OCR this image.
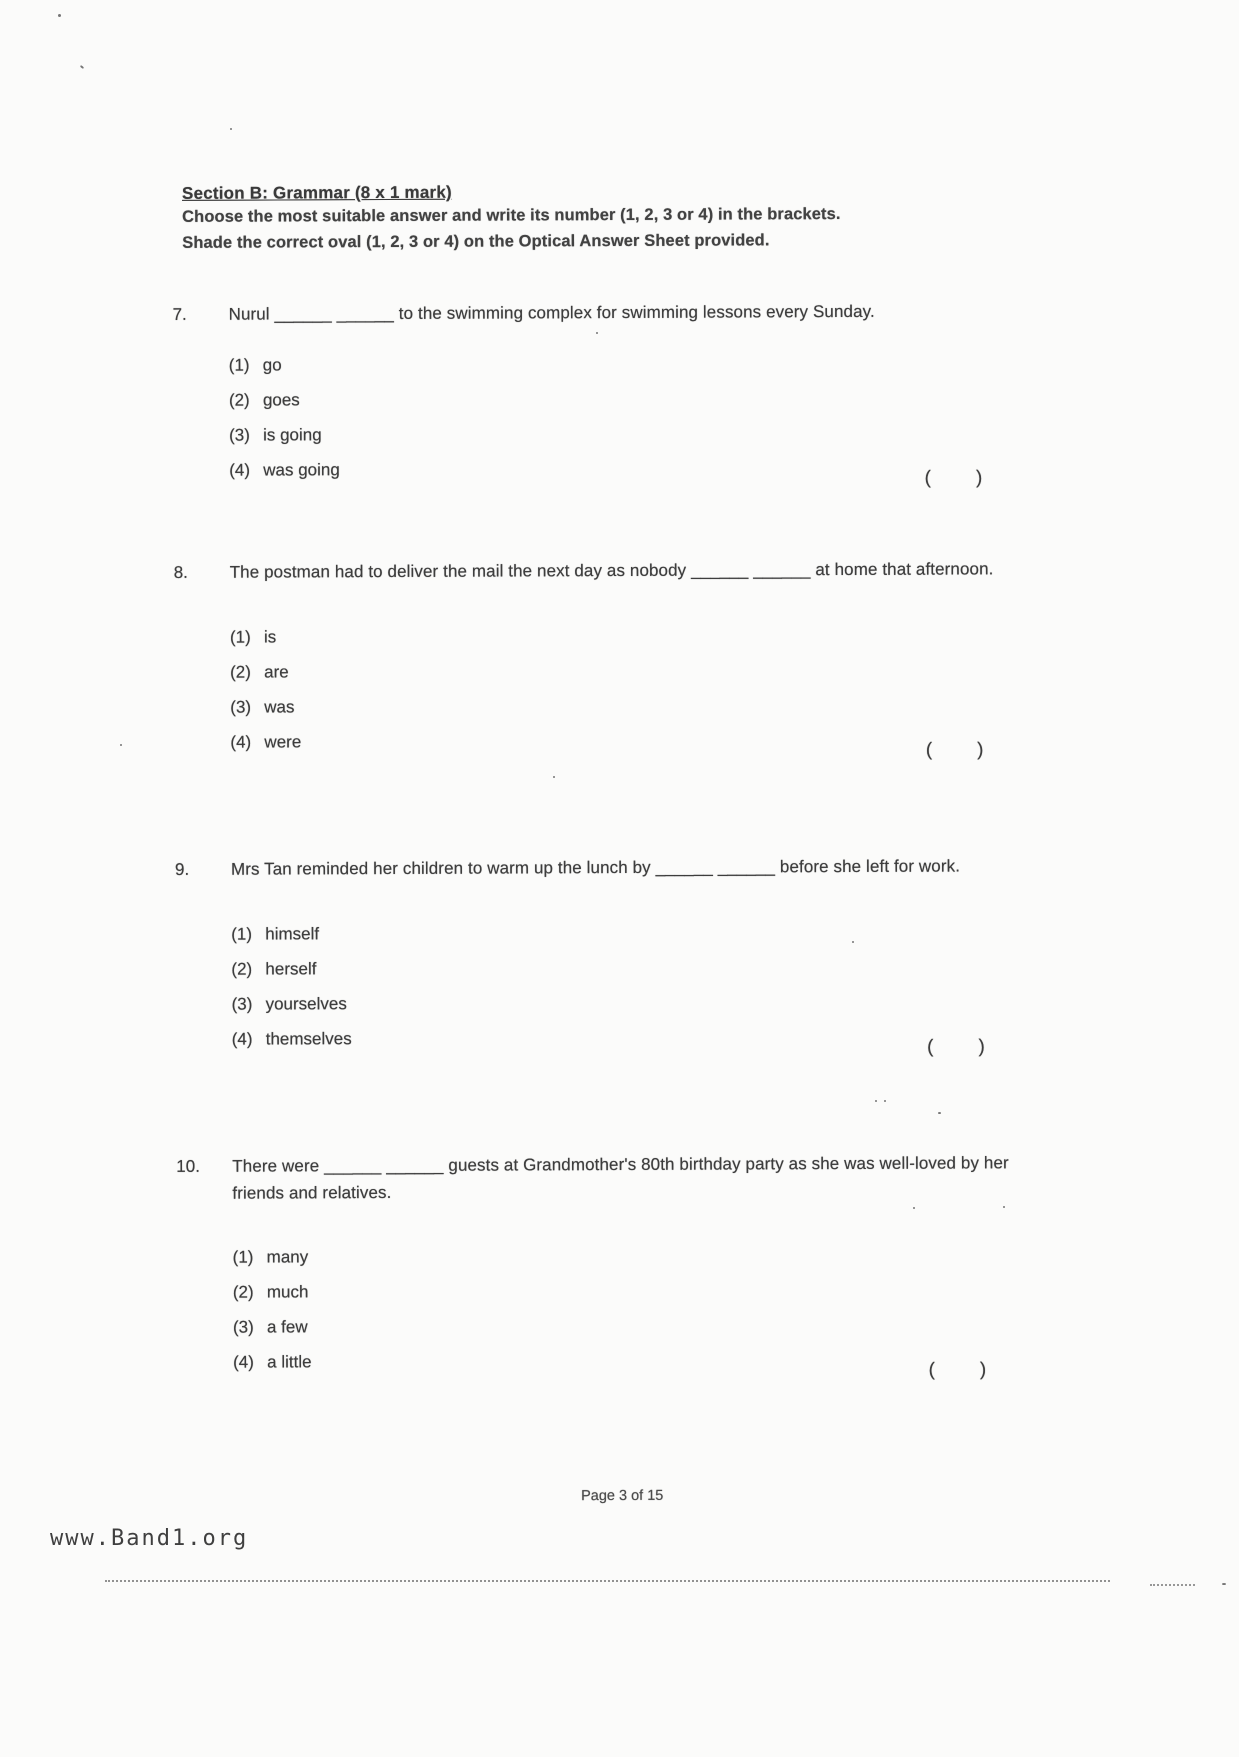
Section B: Grammar (8 x 1 mark)
Choose the most suitable answer and write its number (1, 2, 3 or 4) in the brackets.
Shade the correct oval (1, 2, 3 or 4) on the Optical Answer Sheet provided.
7.	Nurul ______ ______ to the swimming complex for swimming lessons every Sunday.
(1) go
(2) goes
(3) is going
(4) was going	(       )
8.	The postman had to deliver the mail the next day as nobody ______ ______ at home that afternoon.
(1) is
(2) are
(3) was
(4) were	(       )
9.	Mrs Tan reminded her children to warm up the lunch by ______ ______ before she left for work.
(1) himself
(2) herself
(3) yourselves
(4) themselves	(       )
10.	There were ______ ______ guests at Grandmother's 80th birthday party as she was well-loved by her friends and relatives.
(1) many
(2) much
(3) a few
(4) a little	(       )
Page 3 of 15
www.Band1.org
